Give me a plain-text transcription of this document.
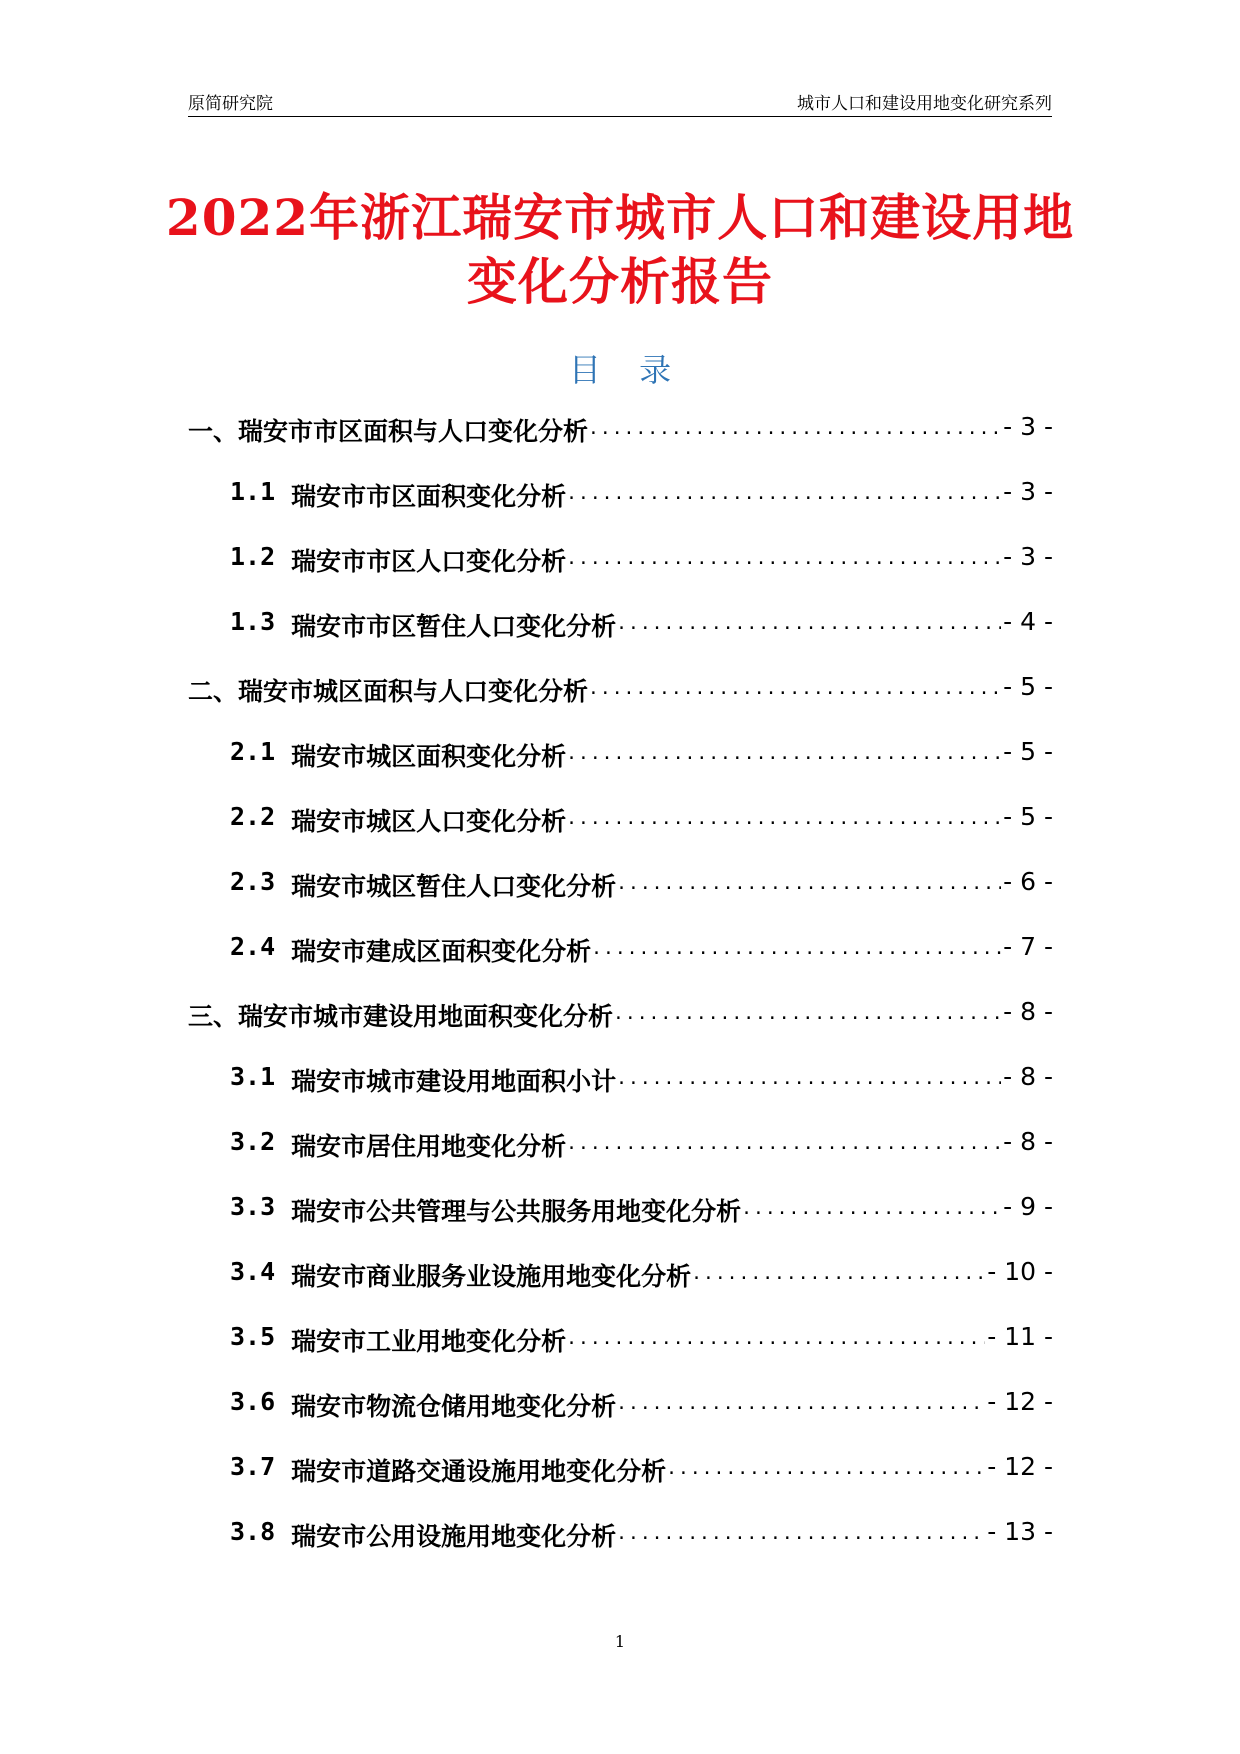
原简研究院	城市人口和建设用地变化研究系列
2022年浙江瑞安市城市人口和建设用地变化分析报告
目 录
一、瑞安市市区面积与人口变化分析 .....	- 3 -
1.1 瑞安市市区面积变化分析 .....	- 3 -
1.2 瑞安市市区人口变化分析 .....	- 3 -
1.3 瑞安市市区暂住人口变化分析 .....	- 4 -
二、瑞安市城区面积与人口变化分析 .....	- 5 -
2.1 瑞安市城区面积变化分析 .....	- 5 -
2.2 瑞安市城区人口变化分析 .....	- 5 -
2.3 瑞安市城区暂住人口变化分析 .....	- 6 -
2.4 瑞安市建成区面积变化分析 .....	- 7 -
三、瑞安市城市建设用地面积变化分析 .....	- 8 -
3.1 瑞安市城市建设用地面积小计 .....	- 8 -
3.2 瑞安市居住用地变化分析 .....	- 8 -
3.3 瑞安市公共管理与公共服务用地变化分析 .....	- 9 -
3.4 瑞安市商业服务业设施用地变化分析 .....	- 10 -
3.5 瑞安市工业用地变化分析 .....	- 11 -
3.6 瑞安市物流仓储用地变化分析 .....	- 12 -
3.7 瑞安市道路交通设施用地变化分析 .....	- 12 -
3.8 瑞安市公用设施用地变化分析 .....	- 13 -
1
